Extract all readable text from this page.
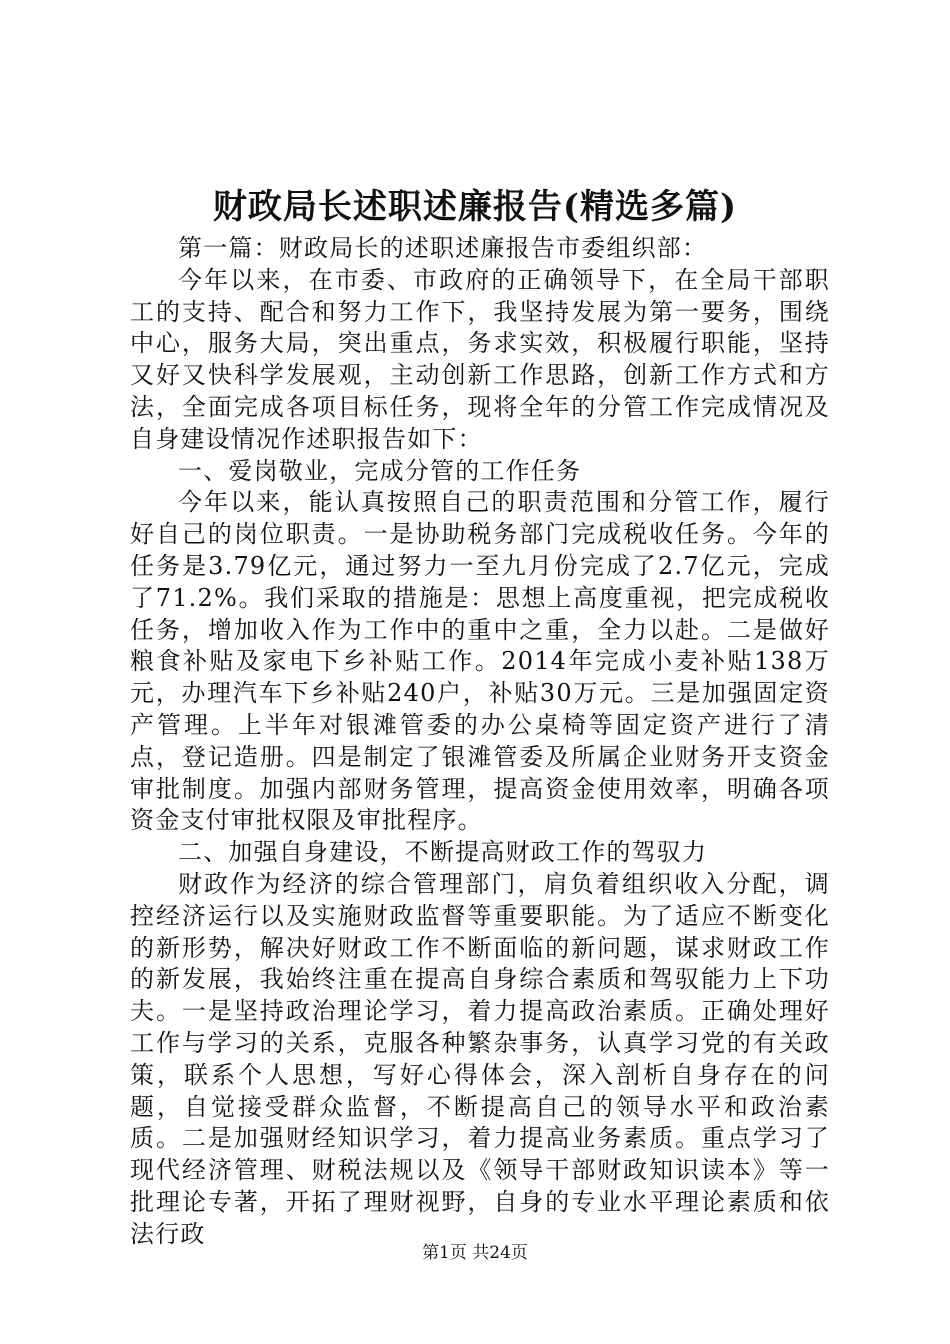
财政局长述职述廉报告(精选多篇)

第一篇：财政局长的述职述廉报告市委组织部：

今年以来，在市委、市政府的正确领导下，在全局干部职工的支持、配合和努力工作下，我坚持发展为第一要务，围绕中心，服务大局，突出重点，务求实效，积极履行职能，坚持又好又快科学发展观，主动创新工作思路，创新工作方式和方法，全面完成各项目标任务，现将全年的分管工作完成情况及自身建设情况作述职报告如下：

一、爱岗敬业，完成分管的工作任务

今年以来，能认真按照自己的职责范围和分管工作，履行好自己的岗位职责。一是协助税务部门完成税收任务。今年的任务是3.79亿元，通过努力一至九月份完成了2.7亿元，完成了71.2%。我们采取的措施是：思想上高度重视，把完成税收任务，增加收入作为工作中的重中之重，全力以赴。二是做好粮食补贴及家电下乡补贴工作。2014年完成小麦补贴138万元，办理汽车下乡补贴240户，补贴30万元。三是加强固定资产管理。上半年对银滩管委的办公桌椅等固定资产进行了清点，登记造册。四是制定了银滩管委及所属企业财务开支资金审批制度。加强内部财务管理，提高资金使用效率，明确各项资金支付审批权限及审批程序。

二、加强自身建设，不断提高财政工作的驾驭力

财政作为经济的综合管理部门，肩负着组织收入分配，调控经济运行以及实施财政监督等重要职能。为了适应不断变化的新形势，解决好财政工作不断面临的新问题，谋求财政工作的新发展，我始终注重在提高自身综合素质和驾驭能力上下功夫。一是坚持政治理论学习，着力提高政治素质。正确处理好工作与学习的关系，克服各种繁杂事务，认真学习党的有关政策，联系个人思想，写好心得体会，深入剖析自身存在的问题，自觉接受群众监督，不断提高自己的领导水平和政治素质。二是加强财经知识学习，着力提高业务素质。重点学习了现代经济管理、财税法规以及《领导干部财政知识读本》等一批理论专著，开拓了理财视野，自身的专业水平理论素质和依法行政

第1页 共24页
